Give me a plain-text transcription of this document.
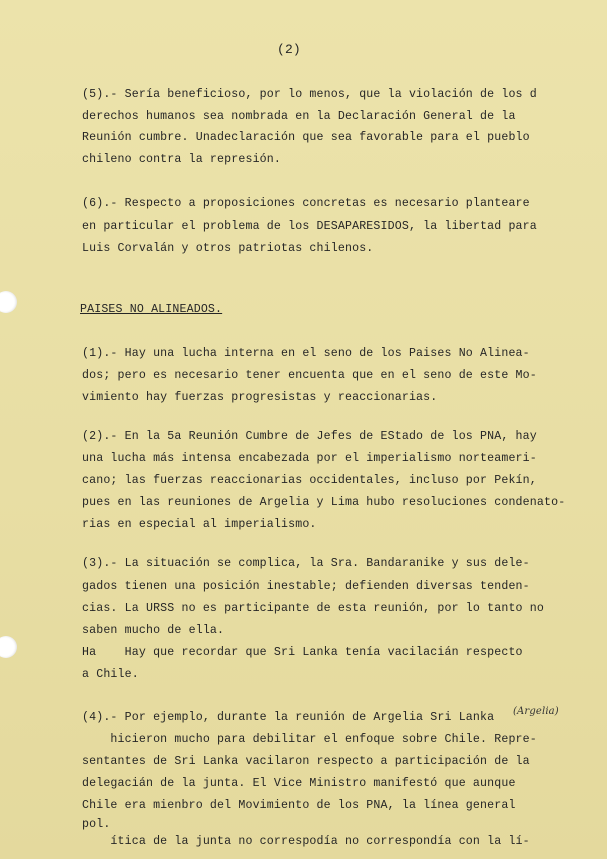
(2)
(5).- Sería beneficioso, por lo menos, que la violación de los d
derechos humanos sea nombrada en la Declaración General de la
Reunión cumbre. Unadeclaración que sea favorable para el pueblo
chileno contra la represión.
(6).- Respecto a proposiciones concretas es necesario planteare
en particular el problema de los DESAPARESIDOS, la libertad para
Luis Corvalán y otros patriotas chilenos.
PAISES NO ALINEADOS.
(1).- Hay una lucha interna en el seno de los Paises No Alinea-
dos; pero es necesario tener encuenta que en el seno de este Mo-
vimiento hay fuerzas progresistas y reaccionarias.
(2).- En la 5a Reunión Cumbre de Jefes de EStado de los PNA, hay
una lucha más intensa encabezada por el imperialismo norteameri-
cano; las fuerzas reaccionarias occidentales, incluso por Pekín,
pues en las reuniones de Argelia y Lima hubo resoluciones condenato-
rias en especial al imperialismo.
(3).- La situación se complica, la Sra. Bandaranike y sus dele-
gados tienen una posición inestable; defienden diversas tenden-
cias. La URSS no es participante de esta reunión, por lo tanto no
saben mucho de ella.
Ha    Hay que recordar que Sri Lanka tenía vacilacián respecto
a Chile.
(4).- Por ejemplo, durante la reunión de Argelia Sri Lanka (Argelia)
hicieron mucho para debilitar el enfoque sobre Chile. Repre-
sentantes de Sri Lanka vacilaron respecto a participación de la
delegacián de la junta. El Vice Ministro manifestó que aunque
Chile era mienbro del Movimiento de los PNA, la línea general
pol.
ítica de la junta no correspodía no correspondía con la lí-
